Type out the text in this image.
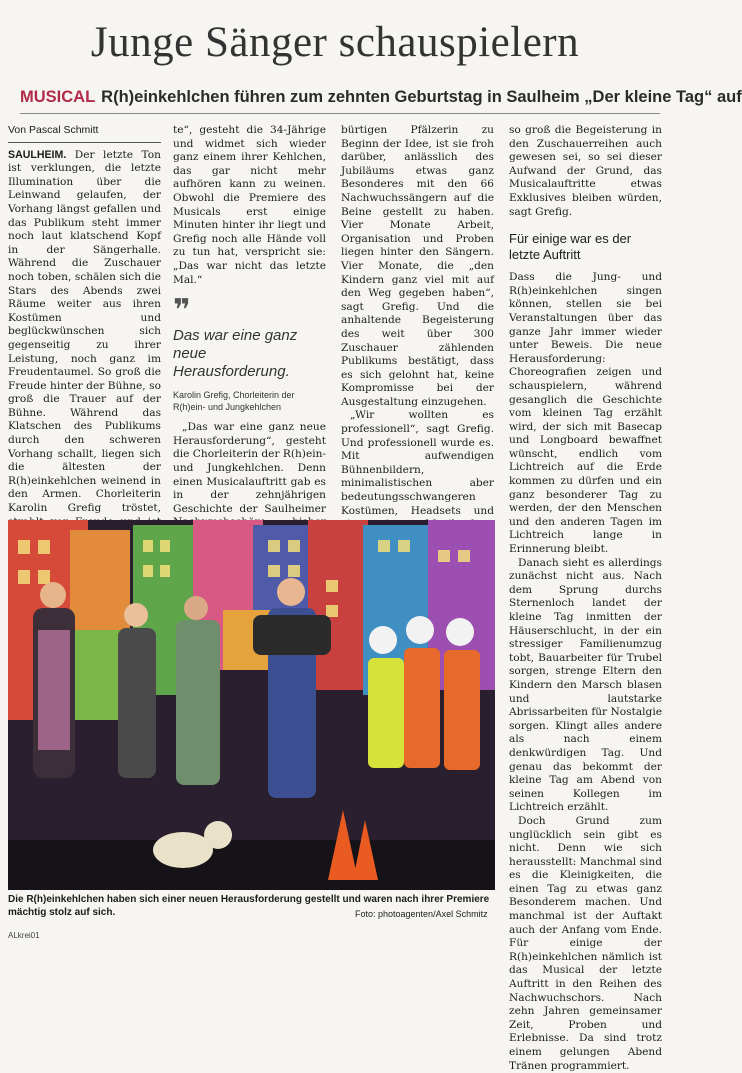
Junge Sänger schauspielern
MUSICAL R(h)einkehlchen führen zum zehnten Geburtstag in Saulheim „Der kleine Tag“ auf
Von Pascal Schmitt

SAULHEIM. Der letzte Ton ist verklungen, die letzte Illumination über die Leinwand gelaufen, der Vorhang längst gefallen und das Publikum steht immer noch laut klatschend Kopf in der Sängerhalle. Während die Zuschauer noch toben, schälen sich die Stars des Abends zwei Räume weiter aus ihren Kostümen und beglückwünschen sich gegenseitig zu ihrer Leistung, noch ganz im Freudentaumel. So groß die Freude hinter der Bühne, so groß die Trauer auf der Bühne. Während das Klatschen des Publikums durch den schweren Vorhang schallt, liegen sich die ältesten der R(h)einkehlchen weinend in den Armen. Chorleiterin Karolin Grefig tröstet,

te“, gesteht die 34-Jährige und widmet sich wieder ganz einem ihrer Kehlchen, das gar nicht mehr aufhören kann zu weinen. Obwohl die Premiere des Musicals erst einige Minuten hinter ihr liegt und Grefig noch alle Hände voll zu tun hat, verspricht sie: „Das war nicht das letzte Mal.“

❞
Das war eine ganz neue Herausforderung.
Karolin Grefig, Chorleiterin der R(h)ein- und Jungkehlchen

„Das war eine ganz neue Herausforderung“, gesteht die Chorleiterin der R(h)ein- und Jungkehlchen. Denn einen Musicalauftritt gab es in der zehnjährigen Geschichte der Saulheimer

bürtigen Pfälzerin zu Beginn der Idee, ist sie froh darüber, anlässlich des Jubiläums etwas ganz Besonderes mit den 66 Nachwuchssängern auf die Beine gestellt zu haben. Vier Monate Arbeit, Organisation und Proben liegen hinter den Sängern. Vier Monate, die „den Kindern ganz viel mit auf den Weg gegeben haben“, sagt Grefig. Und die anhaltende Begeisterung des weit über 300 Zuschauer zählenden Publikums bestätigt, dass es sich gelohnt hat, keine Kompromisse bei der Ausgestaltung einzugehen.

„Wir wollten es professionell“, sagt Grefig. Und professionell wurde es. Mit aufwendigen Bühnenbildern, minimalistischen aber bedeutungsschwangeren Kostümen, Headsets und

so groß die Begeisterung in den Zuschauerreihen auch gewesen sei, so sei dieser Aufwand der Grund, das Musicalauftritte etwas Exklusives bleiben würden, sagt Grefig.

Für einige war es der letzte Auftritt

Dass die Jung- und R(h)einkehlchen singen können, stellen sie bei Veranstaltungen über das ganze Jahr immer wieder unter Beweis. Die neue Herausforderung: Choreografien zeigen und schauspielern, während gesanglich die Geschichte vom kleinen Tag erzählt wird, der sich mit Basecap und Longboard bewaffnet wünscht, endlich vom Lichtreich auf die Erde kommen zu dürfen und ein ganz besonderer Tag zu werden, der den Menschen und den anderen Tagen im Lichtreich lange in Erinnerung bleibt.

Danach sieht es allerdings zunächst nicht aus. Nach dem Sprung durchs Sternenloch landet der kleine Tag inmitten der Häuserschlucht, in der ein stressiger Familienumzug tobt, Bauarbeiter für Trubel sorgen, strenge Eltern den Kindern den Marsch blasen und lautstarke Abrissarbeiten für Nostalgie sorgen. Klingt alles andere als nach einem denkwürdigen Tag. Und genau das bekommt der kleine Tag am Abend von seinen Kollegen im Lichtreich erzählt.

Doch Grund zum unglücklich sein gibt es nicht. Denn wie sich herausstellt: Manchmal sind es die Kleinigkeiten, die einen Tag zu etwas ganz Besonderem machen. Und manchmal ist der Auftakt auch der Anfang vom Ende. Für einige der R(h)einkehlchen nämlich ist das Musical der letzte Auftritt in den Reihen des Nachwuchschors. Nach zehn Jahren gemeinsamer Zeit, Proben und Erlebnisse. Da sind trotz einem gelungen Abend Tränen programmiert.

Die R(h)einkehlchen haben sich einer neuen Herausforderung gestellt und waren nach ihrer Premiere mächtig stolz auf sich.	Foto: photoagenten/Axel Schmitz
ALkrei01
